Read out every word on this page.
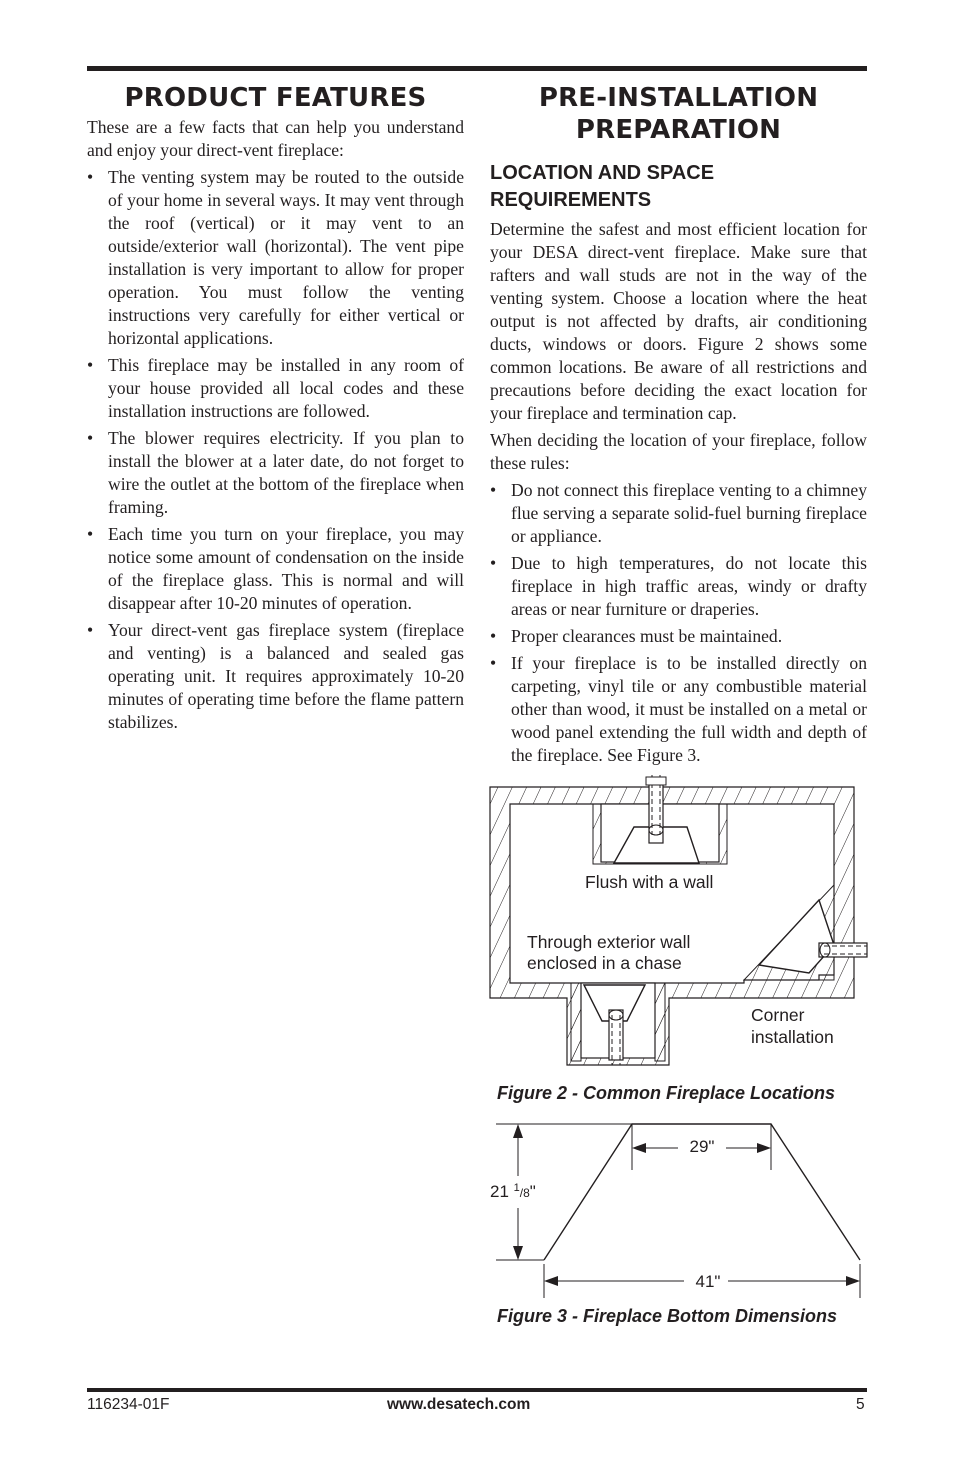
PRODUCT FEATURES

These are a few facts that can help you understand and enjoy your direct-vent fireplace:

• The venting system may be routed to the outside of your home in several ways. It may vent through the roof (vertical) or it may vent to an outside/exterior wall (horizontal). The vent pipe installation is very important to allow for proper operation. You must follow the venting instructions very carefully for either vertical or horizontal applications.
• This fireplace may be installed in any room of your house provided all local codes and these installation instructions are followed.
• The blower requires electricity. If you plan to install the blower at a later date, do not forget to wire the outlet at the bottom of the fireplace when framing.
• Each time you turn on your fireplace, you may notice some amount of condensation on the inside of the fireplace glass. This is normal and will disappear after 10-20 minutes of operation.
• Your direct-vent gas fireplace system (fireplace and venting) is a balanced and sealed gas operating unit. It requires approximately 10-20 minutes of operating time before the flame pattern stabilizes.
PRE-INSTALLATION PREPARATION
LOCATION AND SPACE REQUIREMENTS

Determine the safest and most efficient location for your DESA direct-vent fireplace. Make sure that rafters and wall studs are not in the way of the venting system. Choose a location where the heat output is not affected by drafts, air conditioning ducts, windows or doors. Figure 2 shows some common locations. Be aware of all restrictions and precautions before deciding the exact location for your fireplace and termination cap.

When deciding the location of your fireplace, follow these rules:

• Do not connect this fireplace venting to a chimney flue serving a separate solid-fuel burning fireplace or appliance.
• Due to high temperatures, do not locate this fireplace in high traffic areas, windy or drafty areas or near furniture or draperies.
• Proper clearances must be maintained.
• If your fireplace is to be installed directly on carpeting, vinyl tile or any combustible material other than wood, it must be installed on a metal or wood panel extending the full width and depth of the fireplace. See Figure 3.
Flush with a wall
Through exterior wall
enclosed in a chase
Corner
installation
Figure 2 - Common Fireplace Locations
21 $^1_{/8}$"
29"
41"
Figure 3 - Fireplace Bottom Dimensions
116234-01F	www.desatech.com	5
